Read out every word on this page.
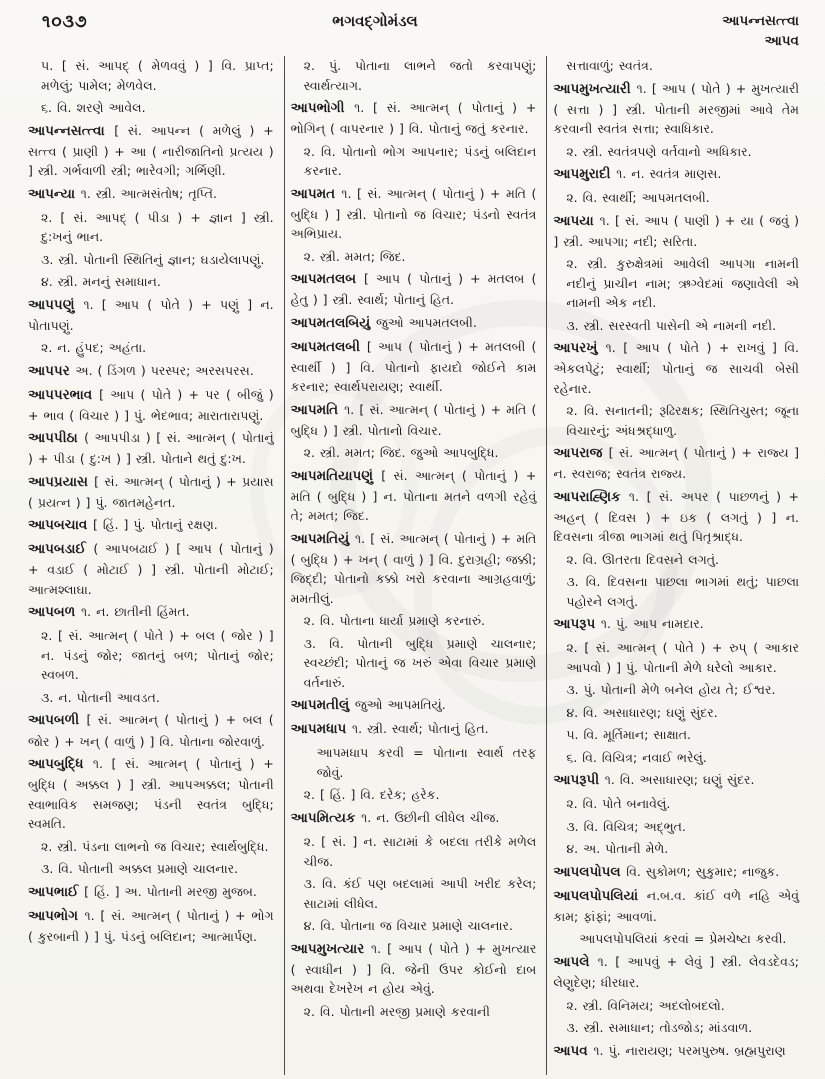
૧૦૩૭	ભગવદ્ગોમંડલ	આપન્નસત્ત્વા
આપવ

૫. [ સં. આપદ્ ( મેળવવું ) ] વિ. પ્રાપ્ત; મળેલું; પામેલ; મેળવેલ.

૬. વિ. શરણે આવેલ.

આપન્નસત્ત્વા [ સં. આપન્ન ( મળેલું ) + સત્ત્વ ( પ્રાણી ) + આ ( નારીજાતિનો પ્રત્યય ) ] સ્ત્રી. ગર્ભવાળી સ્ત્રી; ભારેવગી; ગર્ભિણી.

આપન્યા ૧. સ્ત્રી. આત્મસંતોષ; તૃપ્તિ.

૨. [ સં. આપદ્ ( પીડા ) + જ્ઞાન ] સ્ત્રી. દુ:ખનું ભાન.

૩. સ્ત્રી. પોતાની સ્થિતિનું જ્ઞાન; ઘડાયેલાપણું.

૪. સ્ત્રી. મનનું સમાધાન.

આપપણું ૧. [ આપ ( પોતે ) + પણું ] ન. પોતાપણું.

૨. ન. હુંપદ; અહંતા.

આપપર અ. ( ડિંગળ ) પરસ્પર; અરસપરસ.

આપપરભાવ [ આપ ( પોતે ) + પર ( બીજું ) + ભાવ ( વિચાર ) ] પું. ભેદભાવ; મારાતારાપણું.

આપપીઠા ( આપપીડા ) [ સં. આત્મન્ ( પોતાનું ) + પીડા ( દુ:ખ ) ] સ્ત્રી. પોતાને થતું દુ:ખ.

આપપ્રયાસ [ સં. આત્મન્ ( પોતાનું ) + પ્રયાસ ( પ્રયત્ન ) ] પું. જાતમહેનત.

આપબચાવ [ હિં. ] પું. પોતાનું રક્ષણ.

આપબડાઈ ( આપબઢાઈ ) [ આપ ( પોતાનું ) + વડાઈ ( મોટાઈ ) ] સ્ત્રી. પોતાની મોટાઈ; આત્મશ્લાઘા.

આપબળ ૧. ન. છાતીની હિંમત.

૨. [ સં. આત્મન્ ( પોતે ) + બલ ( જોર ) ] ન. પંડનું જોર; જાતનું બળ; પોતાનું જોર; સ્વબળ.

૩. ન. પોતાની આવડત.

આપબળી [ સં. આત્મન્ ( પોતાનું ) + બલ ( જોર ) + ખન્ ( વાળું ) ] વિ. પોતાના જોરવાળું.

આપબુદ્ધિ ૧. [ સં. આત્મન્ ( પોતાનું ) + બુદ્ધિ ( અક્કલ ) ] સ્ત્રી. આપઅક્કલ; પોતાની સ્વાભાવિક સમજણ; પંડની સ્વતંત્ર બુદ્ધિ; સ્વમતિ.

૨. સ્ત્રી. પંડના લાભનો જ વિચાર; સ્વાર્થબુદ્ધિ.

૩. વિ. પોતાની અક્કલ પ્રમાણે ચાલનાર.

આપભાઈ [ હિં. ] અ. પોતાની મરજી મુજબ.

આપભોગ ૧. [ સં. આત્મન્ ( પોતાનું ) + ભોગ ( કુરબાની ) ] પું. પંડનું બલિદાન; આત્માર્પણ.

૨. પું. પોતાના લાભને જતો કરવાપણું; સ્વાર્થત્યાગ.

આપભોગી ૧. [ સં. આત્મન્ ( પોતાનું ) + ભોગિન્ ( વાપરનાર ) ] વિ. પોતાનું જતું કરનાર.

૨. વિ. પોતાનો ભોગ આપનાર; પંડનું બલિદાન કરનાર.

આપમત ૧. [ સં. આત્મન્ ( પોતાનું ) + મતિ ( બુદ્ધિ ) ] સ્ત્રી. પોતાનો જ વિચાર; પંડનો સ્વતંત્ર અભિપ્રાય.

૨. સ્ત્રી. મમત; જિદ.

આપમતલબ [ આપ ( પોતાનું ) + મતલબ ( હેતુ ) ] સ્ત્રી. સ્વાર્થ; પોતાનું હિત.

આપમતલબિયું જુઓ આપમતલબી.

આપમતલબી [ આપ ( પોતાનું ) + મતલબી ( સ્વાર્થી ) ] વિ. પોતાનો ફાયદો જોઈને કામ કરનાર; સ્વાર્થપરાયણ; સ્વાર્થી.

આપમતિ ૧. [ સં. આત્મન્ ( પોતાનું ) + મતિ ( બુદ્ધિ ) ] સ્ત્રી. પોતાનો વિચાર.

૨. સ્ત્રી. મમત; જિદ. જુઓ આપબુદ્ધિ.

આપમતિયાપણું [ સં. આત્મન્ ( પોતાનું ) + મતિ ( બુદ્ધિ ) ] ન. પોતાના મતને વળગી રહેવું તે; મમત; જિદ.

આપમતિયું ૧. [ સં. આત્મન્ ( પોતાનું ) + મતિ ( બુદ્ધિ ) + ખન્ ( વાળું ) ] વિ. દુરાગ્રહી; જક્કી; જિદ્દી; પોતાનો કક્કો ખરો કરવાના આગ્રહવાળું; મમતીલું.

૨. વિ. પોતાના ધાર્યા પ્રમાણે કરનારું.

૩. વિ. પોતાની બુદ્ધિ પ્રમાણે ચાલનાર; સ્વચ્છંદી; પોતાનું જ ખરું એવા વિચાર પ્રમાણે વર્તનારું.

આપમતીલું જુઓ આપમતિયું.

આપમધાપ ૧. સ્ત્રી. સ્વાર્થ; પોતાનું હિત.

આપમધાપ કરવી = પોતાના સ્વાર્થ તરફ જોવું.

૨. [ હિં. ] વિ. દરેક; હરેક.

આપમિત્યક ૧. ન. ઉછીની લીધેલ ચીજ.

૨. [ સં. ] ન. સાટામાં કે બદલા તરીકે મળેલ ચીજ.

૩. વિ. કંઈ પણ બદલામાં આપી ખરીદ કરેલ; સાટામાં લીધેલ.

૪. વિ. પોતાના જ વિચાર પ્રમાણે ચાલનાર.

આપમુખત્યાર ૧. [ આપ ( પોતે ) + મુખત્યાર ( સ્વાધીન ) ] વિ. જેની ઉપર કોઈનો દાબ અથવા દેખરેખ ન હોય એવું.

૨. વિ. પોતાની મરજી પ્રમાણે કરવાની

સત્તાવાળું; સ્વતંત્ર.

આપમુખત્યારી ૧. [ આપ ( પોતે ) + મુખત્યારી ( સત્તા ) ] સ્ત્રી. પોતાની મરજીમાં આવે તેમ કરવાની સ્વતંત્ર સત્તા; સ્વાધિકાર.

૨. સ્ત્રી. સ્વતંત્રપણે વર્તવાનો અધિકાર.

આપમુરાદી ૧. ન. સ્વતંત્ર માણસ.

૨. વિ. સ્વાર્થી; આપમતલબી.

આપયા ૧. [ સં. આપ ( પાણી ) + યા ( જવું ) ] સ્ત્રી. આપગા; નદી; સરિતા.

૨. સ્ત્રી. કુરુક્ષેત્રમાં આવેલી આપગા નામની નદીનું પ્રાચીન નામ; ઋગ્વેદમાં જણાવેલી એ નામની એક નદી.

૩. સ્ત્રી. સરસ્વતી પાસેની એ નામની નદી.

આપરખું ૧. [ આપ ( પોતે ) + રાખવું ] વિ. એકલપેટું; સ્વાર્થી; પોતાનું જ સાચવી બેસી રહેનાર.

૨. વિ. સનાતની; રૂઢિરક્ષક; સ્થિતિચુસ્ત; જૂના વિચારનું; અંધશ્રદ્ધાળુ.

આપરાજ [ સં. આત્મન્ ( પોતાનું ) + રાજ્ય ] ન. સ્વરાજ; સ્વતંત્ર રાજ્ય.

આપરાહ્ણિક ૧. [ સં. અપર ( પાછળનું ) + અહન્ ( દિવસ ) + ઇક ( લગતું ) ] ન. દિવસના ત્રીજા ભાગમાં થતું પિતૃશ્રાદ્ધ.

૨. વિ. ઊતરતા દિવસને લગતું.

૩. વિ. દિવસના પાછલા ભાગમાં થતું; પાછલા પહોરને લગતું.

આપરૂપ ૧. પું. આપ નામદાર.

૨. [ સં. આત્મન્ ( પોતે ) + રુપ્ ( આકાર આપવો ) ] પું. પોતાની મેળે ધરેલો આકાર.

૩. પું. પોતાની મેળે બનેલ હોય તે; ઈશ્વર.

૪. વિ. અસાધારણ; ઘણું સુંદર.

૫. વિ. મૂર્તિમાન; સાક્ષાત.

૬. વિ. વિચિત્ર; નવાઈ ભરેલું.

આપરૂપી ૧. વિ. અસાધારણ; ઘણું સુંદર.

૨. વિ. પોતે બનાવેલું.

૩. વિ. વિચિત્ર; અદ્ભુત.

૪. અ. પોતાની મેળે.

આપલપોપલ વિ. સુકોમળ; સુકુમાર; નાજુક.

આપલપોપલિયાં ન.બ.વ. કાંઈ વળે નહિ એવું કામ; ફાંફાં; આવળાં.

આપલપોપલિયાં કરવાં = પ્રેમચેષ્ટા કરવી.

આપલે ૧. [ આપવું + લેવું ] સ્ત્રી. લેવડદેવડ; લેણુદેણ; ધીરધાર.

૨. સ્ત્રી. વિનિમય; અદલોબદલો.

૩. સ્ત્રી. સમાધાન; તોડજોડ; માંડવાળ.

આપવ ૧. પું. નારાયણ; પરમપુરુષ. બ્રહ્મપુરાણ
